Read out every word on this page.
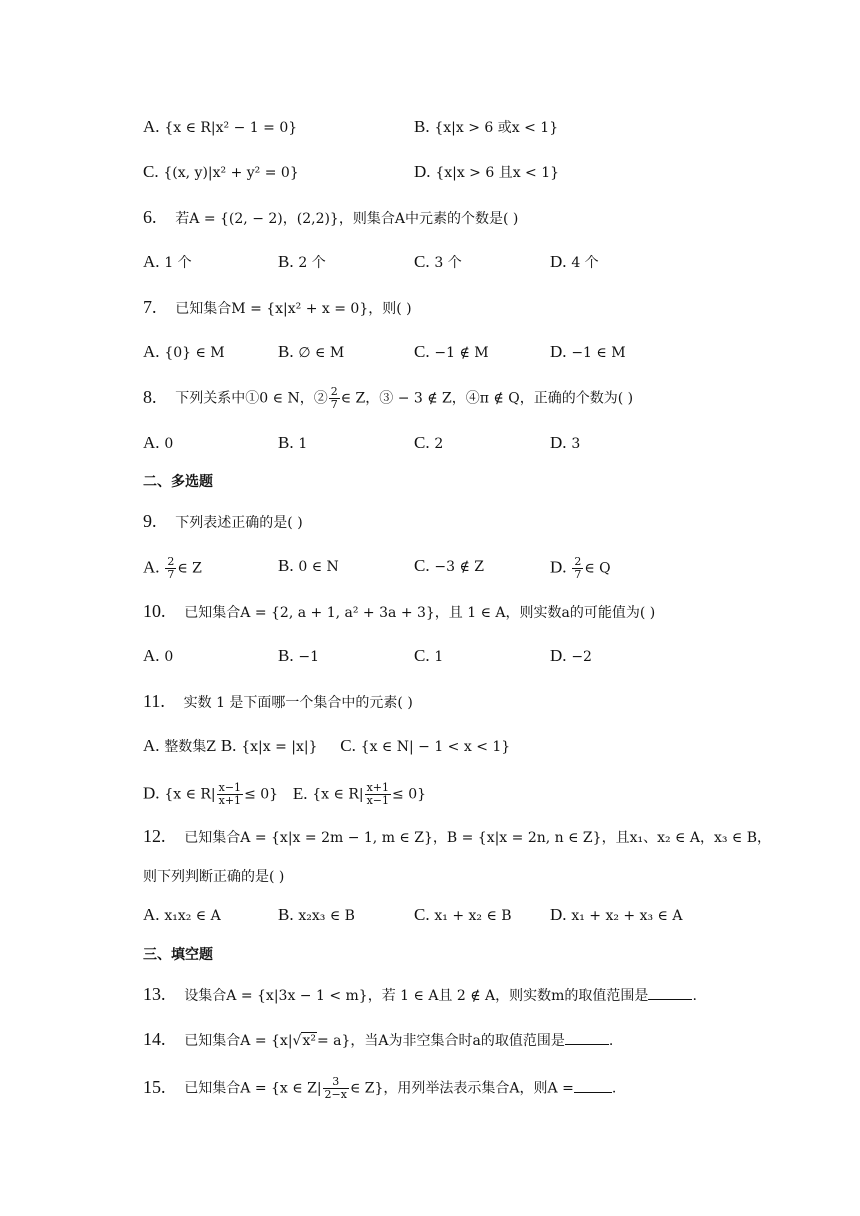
A. {x ∈ R|x² − 1 = 0}	B. {x|x > 6 或x < 1}
C. {(x, y)|x² + y² = 0}	D. {x|x > 6 且x < 1}
6. 若A = {(2, − 2)，(2,2)}，则集合A中元素的个数是( )
A. 1 个	B. 2 个	C. 3 个	D. 4 个
7. 已知集合M = {x|x² + x = 0}，则( )
A. {0} ∈ M	B. ∅ ∈ M	C. −1 ∉ M	D. −1 ∈ M
8. 下列关系中①0 ∈ N，② $\frac{2}{7}$ ∈ Z，③ − 3 ∉ Z，④π ∉ Q，正确的个数为( )
A. 0	B. 1	C. 2	D. 3
二、多选题
9. 下列表述正确的是( )
A. $\frac{2}{7}$ ∈ Z	B. 0 ∈ N	C. −3 ∉ Z	D. $\frac{2}{7}$ ∈ Q
10. 已知集合A = {2, a + 1, a² + 3a + 3}，且 1 ∈ A，则实数a的可能值为( )
A. 0	B. −1	C. 1	D. −2
11. 实数 1 是下面哪一个集合中的元素( )
A. 整数集Z B. {x|x = |x|} C. {x ∈ N| − 1 < x < 1}
D. {x ∈ $R| \frac{x-1}{x+1} \le 0$} E. {x ∈ $R| \frac{x+1}{x-1} \le 0$}
12. 已知集合A = {x|x = 2m − 1, m ∈ Z}，B = {x|x = 2n, n ∈ Z}，且x₁、x₂ ∈ A，x₃ ∈ B，
则下列判断正确的是( )
A. x₁x₂ ∈ A	B. x₂x₃ ∈ B	C. x₁ + x₂ ∈ B D. x₁ + x₂ + x₃ ∈ A
三、填空题
13. 设集合A = {x|3x − 1 < m}，若 1 ∈ A且 2 ∉ A，则实数m的取值范围是	.
14. 已知集合A = {x|√x²= a}，当A为非空集合时a的取值范围是	.
15. 已知集合A = {x ∈ $Z| \frac{3}{2-x}$ ∈ Z}，用列举法表示集合A，则A =	.
